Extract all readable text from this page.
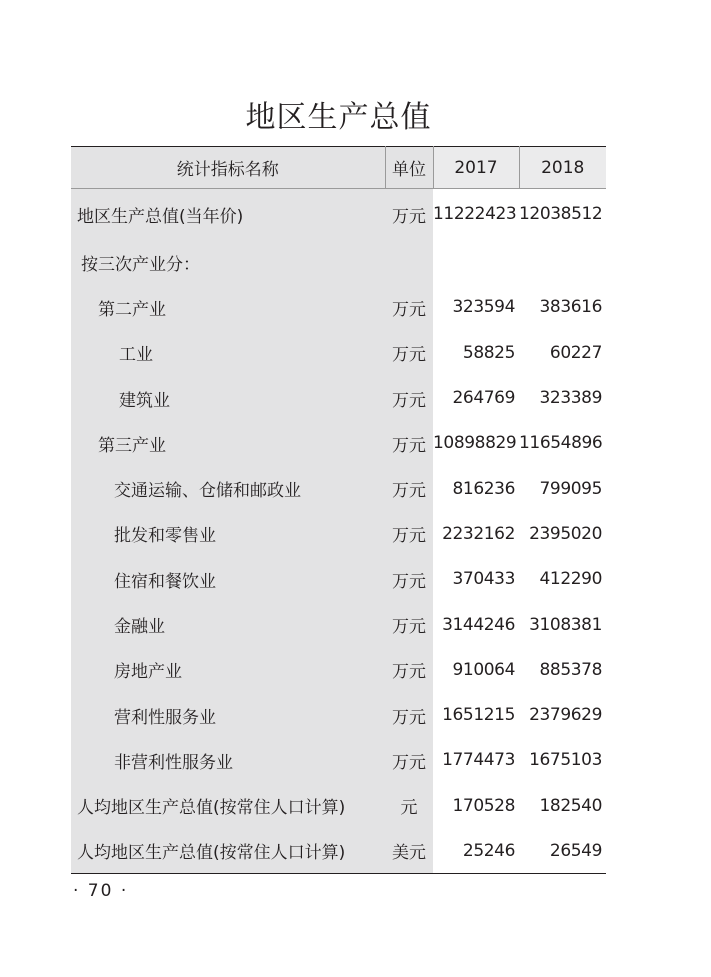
地区生产总值
统计指标名称	单位	2017	2018
地区生产总值(当年价)	万元	11222423	12038512
按三次产业分：			
第二产业	万元	323594	383616
工业	万元	58825	60227
建筑业	万元	264769	323389
第三产业	万元	10898829	11654896
交通运输、仓储和邮政业	万元	816236	799095
批发和零售业	万元	2232162	2395020
住宿和餐饮业	万元	370433	412290
金融业	万元	3144246	3108381
房地产业	万元	910064	885378
营利性服务业	万元	1651215	2379629
非营利性服务业	万元	1774473	1675103
人均地区生产总值(按常住人口计算)	元	170528	182540
人均地区生产总值(按常住人口计算)	美元	25246	26549
· 70 ·
